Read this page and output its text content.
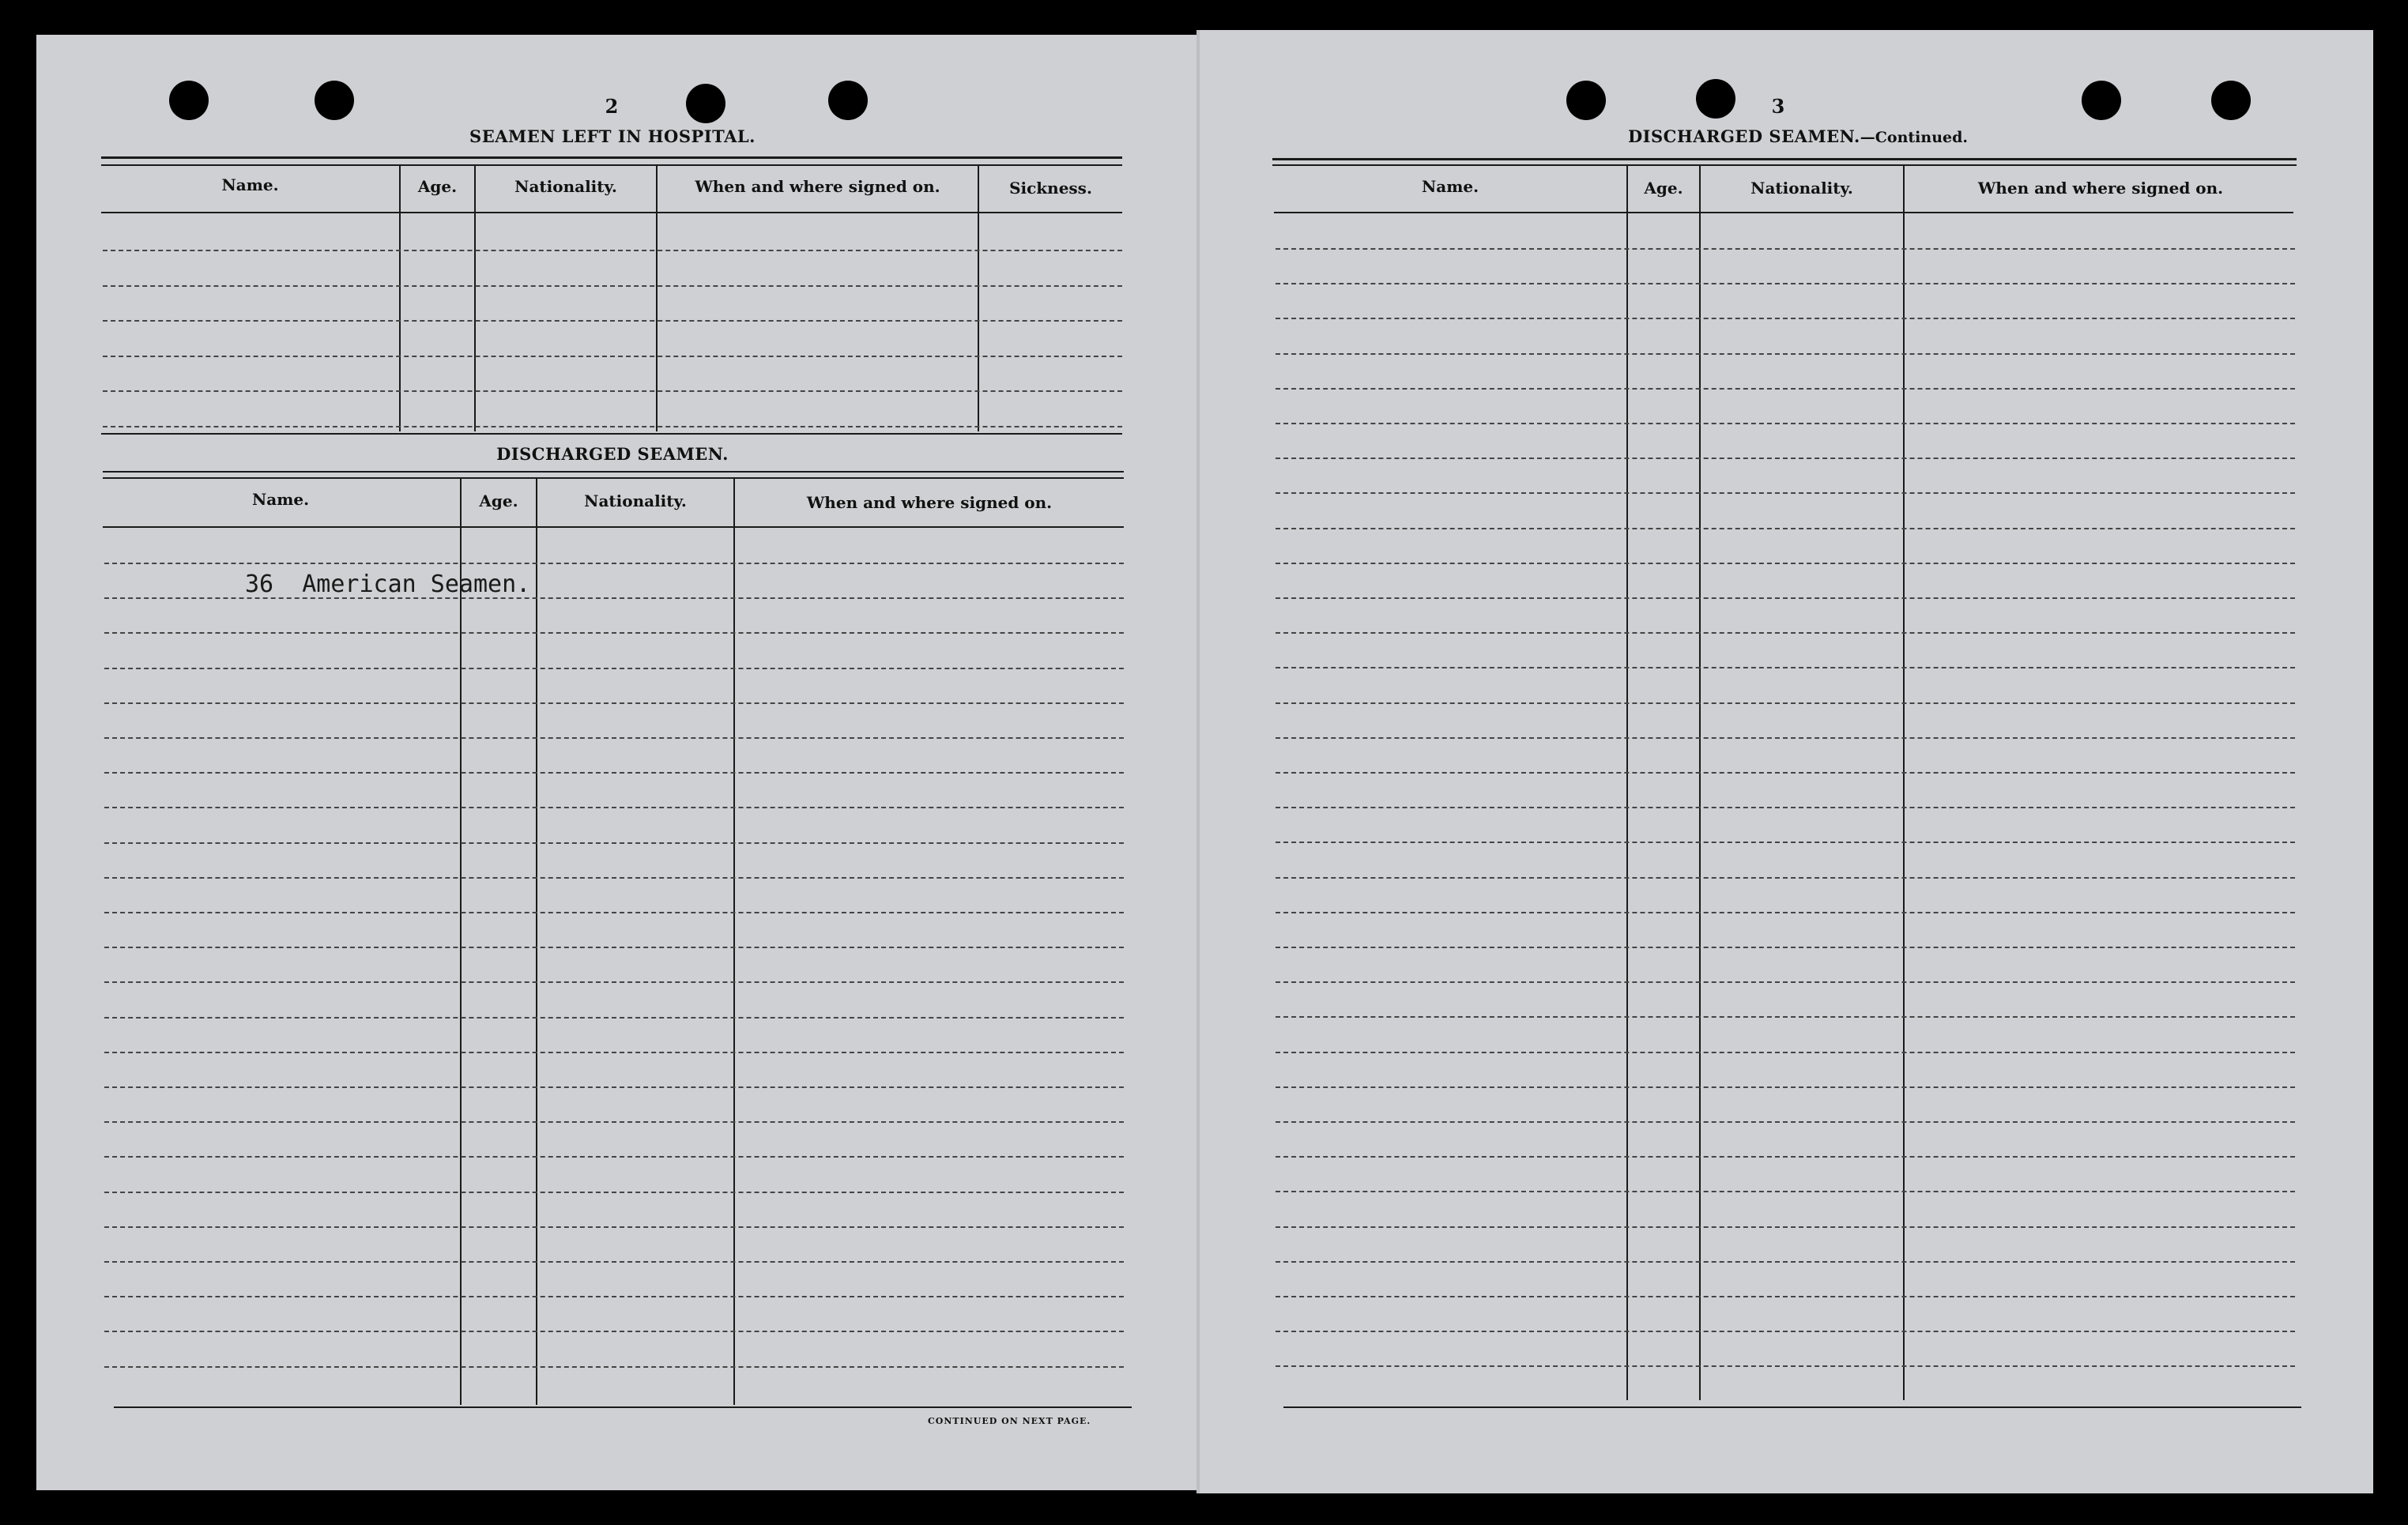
2
SEAMEN LEFT IN HOSPITAL.
Name.	Age.	Nationality.	When and where signed on.	Sickness.
DISCHARGED SEAMEN.
Name.	Age.	Nationality.	When and where signed on.
36  American Seamen.
CONTINUED ON NEXT PAGE.
3
DISCHARGED SEAMEN.—Continued.
Name.	Age.	Nationality.	When and where signed on.
